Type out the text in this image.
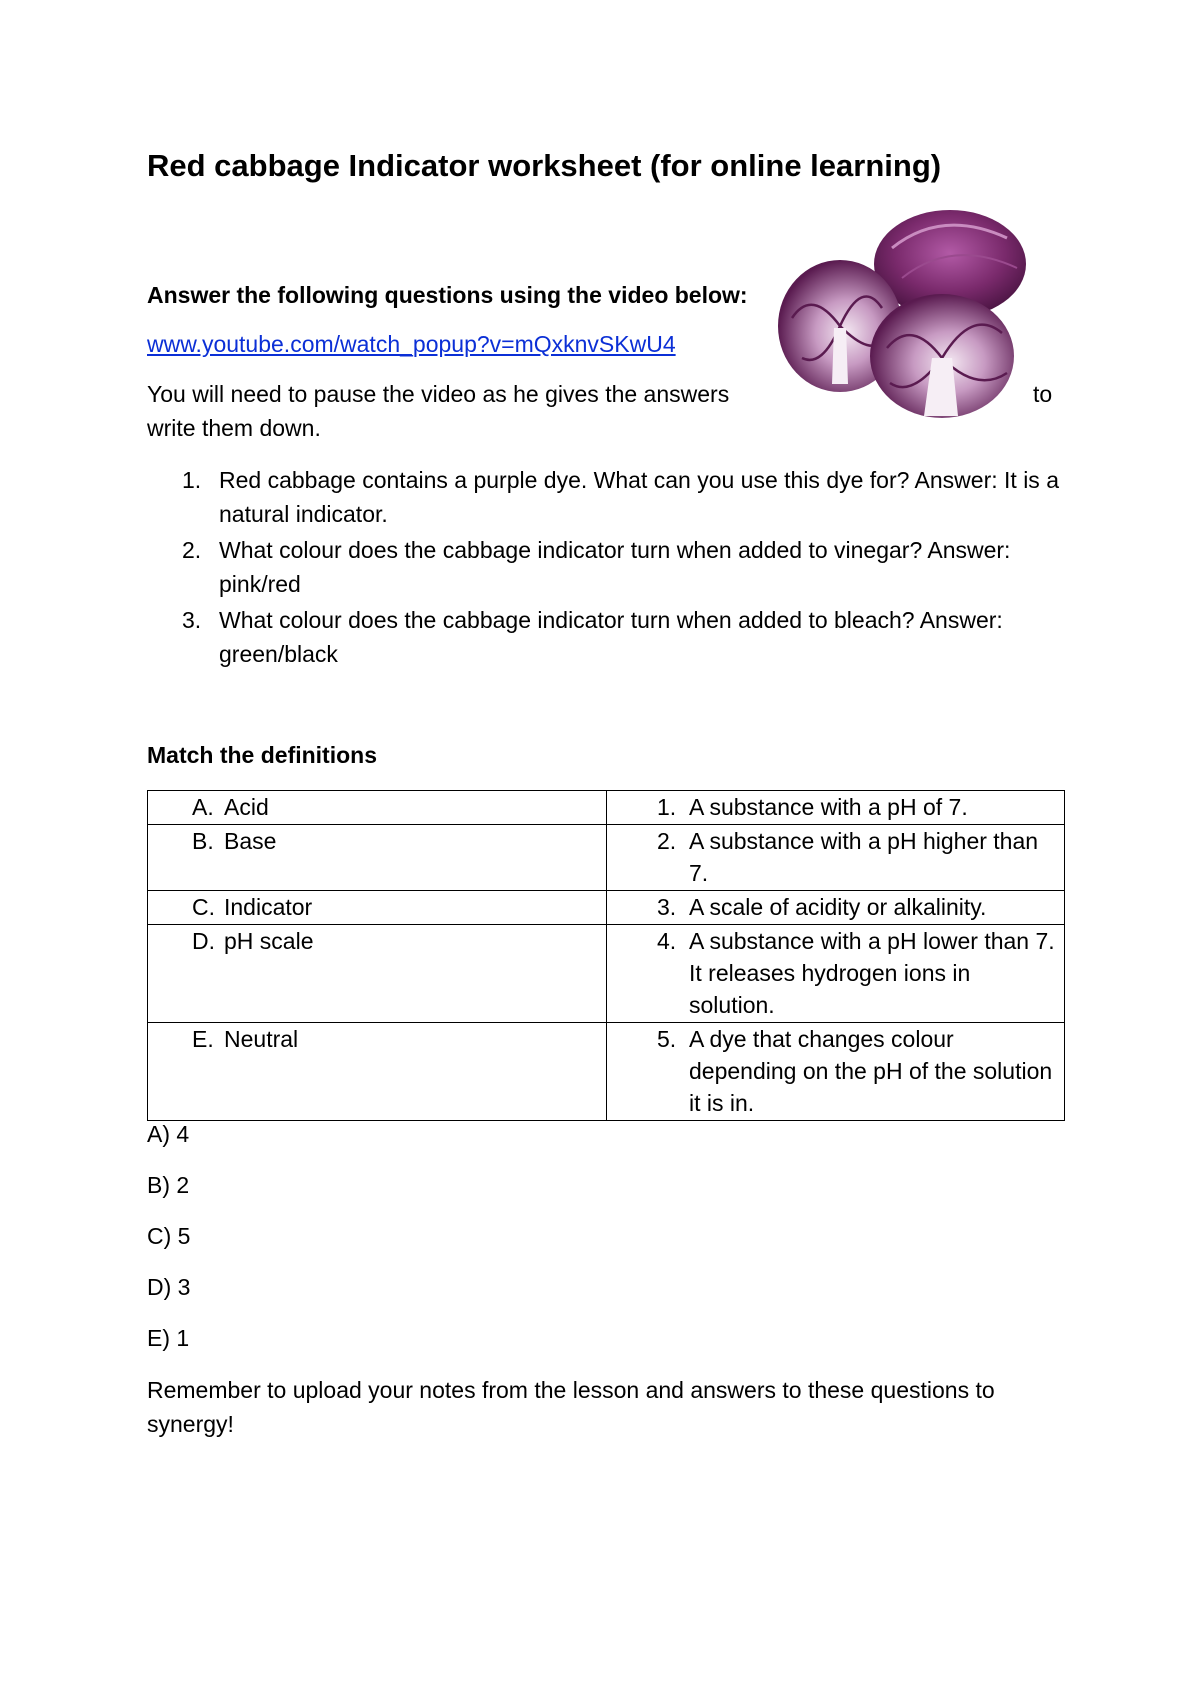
Red cabbage Indicator worksheet (for online learning)
Answer the following questions using the video below:
www.youtube.com/watch_popup?v=mQxknvSKwU4
You will need to pause the video as he gives the answers	to
write them down.
1. Red cabbage contains a purple dye. What can you use this dye for? Answer: It is a natural indicator.
2. What colour does the cabbage indicator turn when added to vinegar? Answer: pink/red
3. What colour does the cabbage indicator turn when added to bleach? Answer: green/black
Match the definitions
A. Acid	1. A substance with a pH of 7.

B. Base	2. A substance with a pH higher than 7.

C. Indicator	3. A scale of acidity or alkalinity.

D. pH scale	4. A substance with a pH lower than 7. It releases hydrogen ions in solution.

E. Neutral	5. A dye that changes colour depending on the pH of the solution it is in.
A) 4
B) 2
C) 5
D) 3
E) 1
Remember to upload your notes from the lesson and answers to these questions to
synergy!
